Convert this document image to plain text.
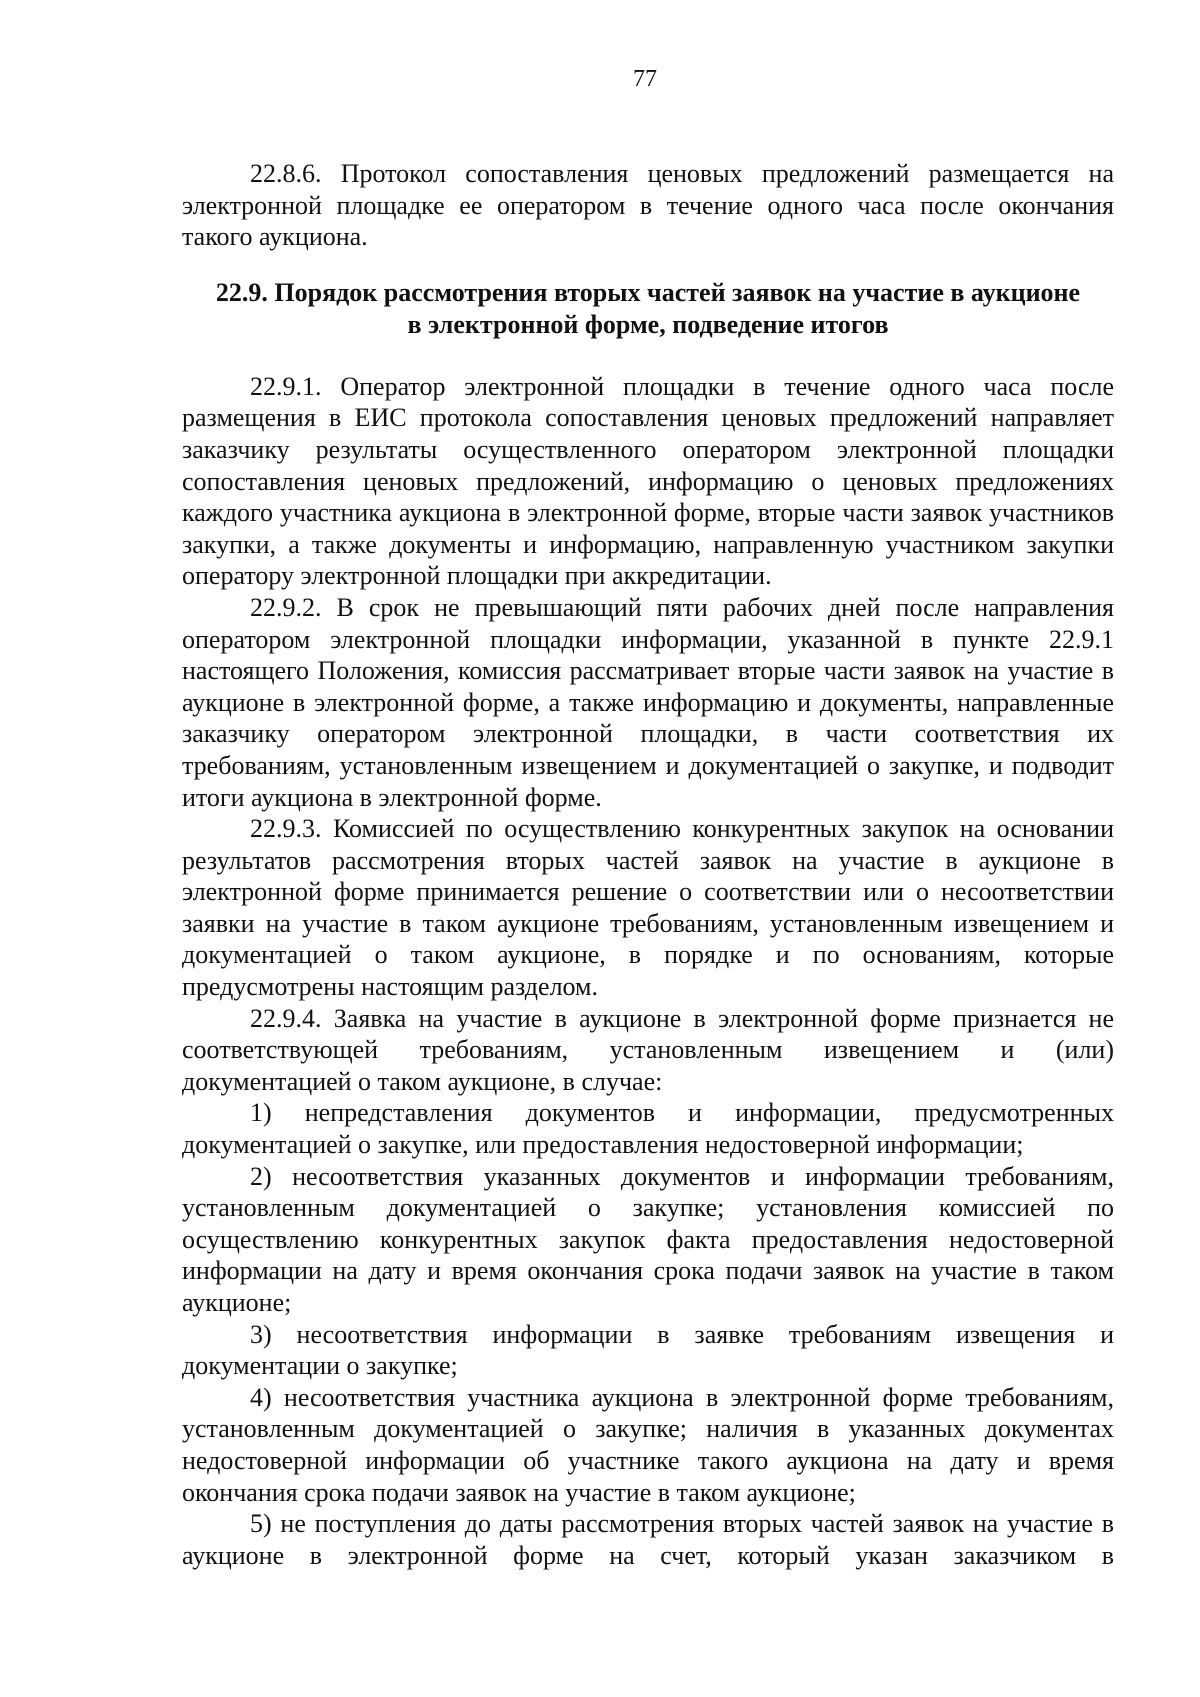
77

22.8.6. Протокол сопоставления ценовых предложений размещается на электронной площадке ее оператором в течение одного часа после окончания такого аукциона.

22.9. Порядок рассмотрения вторых частей заявок на участие в аукционе
в электронной форме, подведение итогов

22.9.1. Оператор электронной площадки в течение одного часа после размещения в ЕИС протокола сопоставления ценовых предложений направляет заказчику результаты осуществленного оператором электронной площадки сопоставления ценовых предложений, информацию о ценовых предложениях каждого участника аукциона в электронной форме, вторые части заявок участников закупки, а также документы и информацию, направленную участником закупки оператору электронной площадки при аккредитации.

22.9.2. В срок не превышающий пяти рабочих дней после направления оператором электронной площадки информации, указанной в пункте 22.9.1 настоящего Положения, комиссия рассматривает вторые части заявок на участие в аукционе в электронной форме, а также информацию и документы, направленные заказчику оператором электронной площадки, в части соответствия их требованиям, установленным извещением и документацией о закупке, и подводит итоги аукциона в электронной форме.

22.9.3. Комиссией по осуществлению конкурентных закупок на основании результатов рассмотрения вторых частей заявок на участие в аукционе в электронной форме принимается решение о соответствии или о несоответствии заявки на участие в таком аукционе требованиям, установленным извещением и документацией о таком аукционе, в порядке и по основаниям, которые предусмотрены настоящим разделом.

22.9.4. Заявка на участие в аукционе в электронной форме признается не соответствующей требованиям, установленным извещением и (или) документацией о таком аукционе, в случае:

1) непредставления документов и информации, предусмотренных документацией о закупке, или предоставления недостоверной информации;

2) несоответствия указанных документов и информации требованиям, установленным документацией о закупке; установления комиссией по осуществлению конкурентных закупок факта предоставления недостоверной информации на дату и время окончания срока подачи заявок на участие в таком аукционе;

3) несоответствия информации в заявке требованиям извещения и документации о закупке;

4) несоответствия участника аукциона в электронной форме требованиям, установленным документацией о закупке; наличия в указанных документах недостоверной информации об участнике такого аукциона на дату и время окончания срока подачи заявок на участие в таком аукционе;

5) не поступления до даты рассмотрения вторых частей заявок на участие в аукционе в электронной форме на счет, который указан заказчиком в
